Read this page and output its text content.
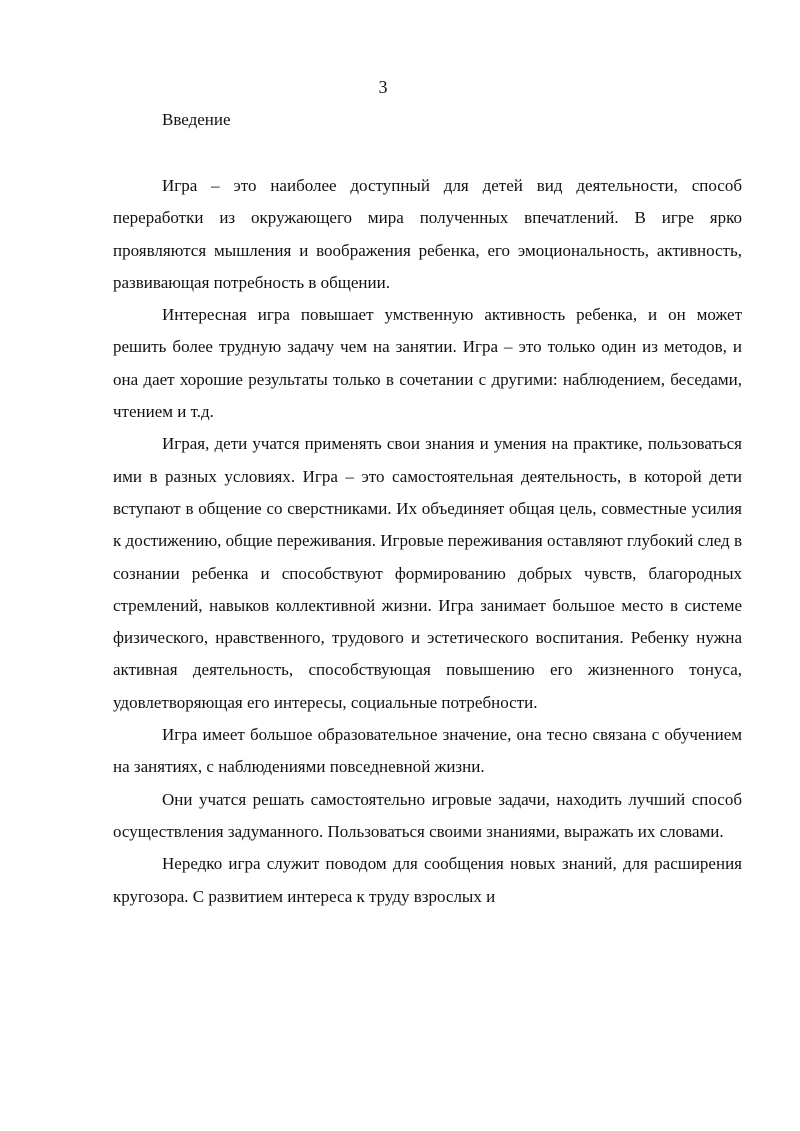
3
Введение

Игра – это наиболее доступный для детей вид деятельности, способ переработки из окружающего мира полученных впечатлений. В игре ярко проявляются мышления и воображения ребенка, его эмоциональность, активность, развивающая потребность в общении.

Интересная игра повышает умственную активность ребенка, и он может решить более трудную задачу чем на занятии. Игра – это только один из методов, и она дает хорошие результаты только в сочетании с другими: наблюдением, беседами, чтением и т.д.

Играя, дети учатся применять свои знания и умения на практике, пользоваться ими в разных условиях. Игра – это самостоятельная деятельность, в которой дети вступают в общение со сверстниками. Их объединяет общая цель, совместные усилия к достижению, общие переживания. Игровые переживания оставляют глубокий след в сознании ребенка и способствуют формированию добрых чувств, благородных стремлений, навыков коллективной жизни. Игра занимает большое место в системе физического, нравственного, трудового и эстетического воспитания. Ребенку нужна активная деятельность, способствующая повышению его жизненного тонуса, удовлетворяющая его интересы, социальные потребности.

Игра имеет большое образовательное значение, она тесно связана с обучением на занятиях, с наблюдениями повседневной жизни.

Они учатся решать самостоятельно игровые задачи, находить лучший способ осуществления задуманного. Пользоваться своими знаниями, выражать их словами.

Нередко игра служит поводом для сообщения новых знаний, для расширения кругозора. С развитием интереса к труду взрослых и
